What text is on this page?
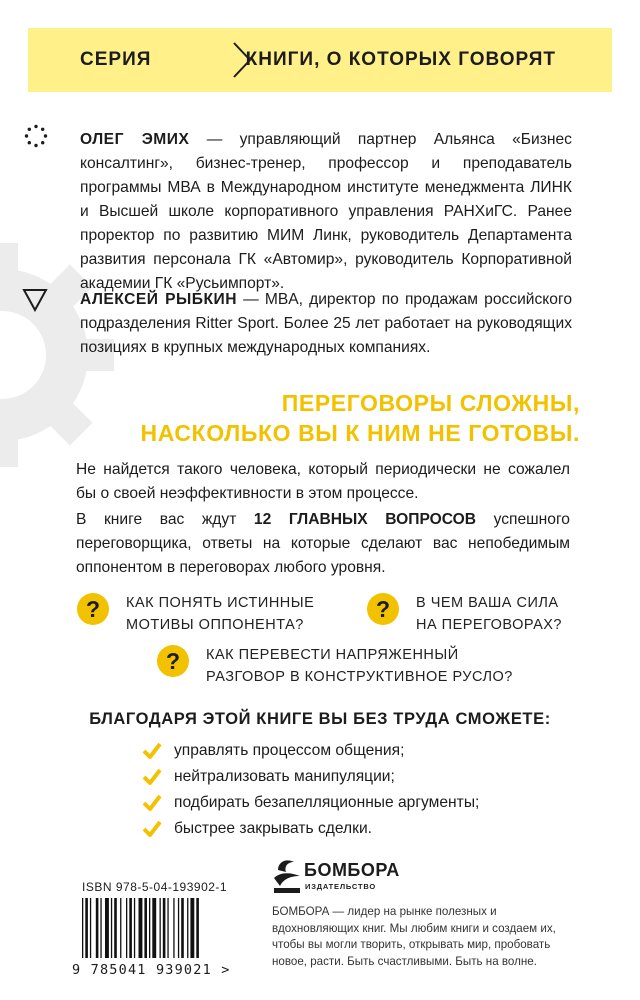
СЕРИЯ	КНИГИ, О КОТОРЫХ ГОВОРЯТ

ОЛЕГ ЭМИХ — управляющий партнер Альянса «Бизнес консалтинг», бизнес-тренер, профессор и преподаватель программы МВА в Международном институте менеджмента ЛИНК и Высшей школе корпоративного управления РАНХиГС. Ранее проректор по развитию МИМ Линк, руководитель Департамента развития персонала ГК «Автомир», руководитель Корпоративной академии ГК «Русьимпорт».

АЛЕКСЕЙ РЫБКИН — MBA, директор по продажам российского подразделения Ritter Sport. Более 25 лет работает на руководящих позициях в крупных международных компаниях.

ПЕРЕГОВОРЫ СЛОЖНЫ,
НАСКОЛЬКО ВЫ К НИМ НЕ ГОТОВЫ.

Не найдется такого человека, который периодически не сожалел бы о своей неэффективности в этом процессе.

В книге вас ждут 12 ГЛАВНЫХ ВОПРОСОВ успешного переговорщика, ответы на которые сделают вас непобедимым оппонентом в переговорах любого уровня.

? КАК ПОНЯТЬ ИСТИННЫЕ
МОТИВЫ ОППОНЕНТА?
? В ЧЕМ ВАША СИЛА
НА ПЕРЕГОВОРАХ?
? КАК ПЕРЕВЕСТИ НАПРЯЖЕННЫЙ
РАЗГОВОР В КОНСТРУКТИВНОЕ РУСЛО?
БЛАГОДАРЯ ЭТОЙ КНИГЕ ВЫ БЕЗ ТРУДА СМОЖЕТЕ:
управлять процессом общения;
нейтрализовать манипуляции;
подбирать безапелляционные аргументы;
быстрее закрывать сделки.
ISBN 978-5-04-193902-1
9 785041 939021 >
БОМБОРА
ИЗДАТЕЛЬСТВО

БОМБОРА — лидер на рынке полезных и вдохновляющих книг. Мы любим книги и создаем их, чтобы вы могли творить, открывать мир, пробовать новое, расти. Быть счастливыми. Быть на волне.
